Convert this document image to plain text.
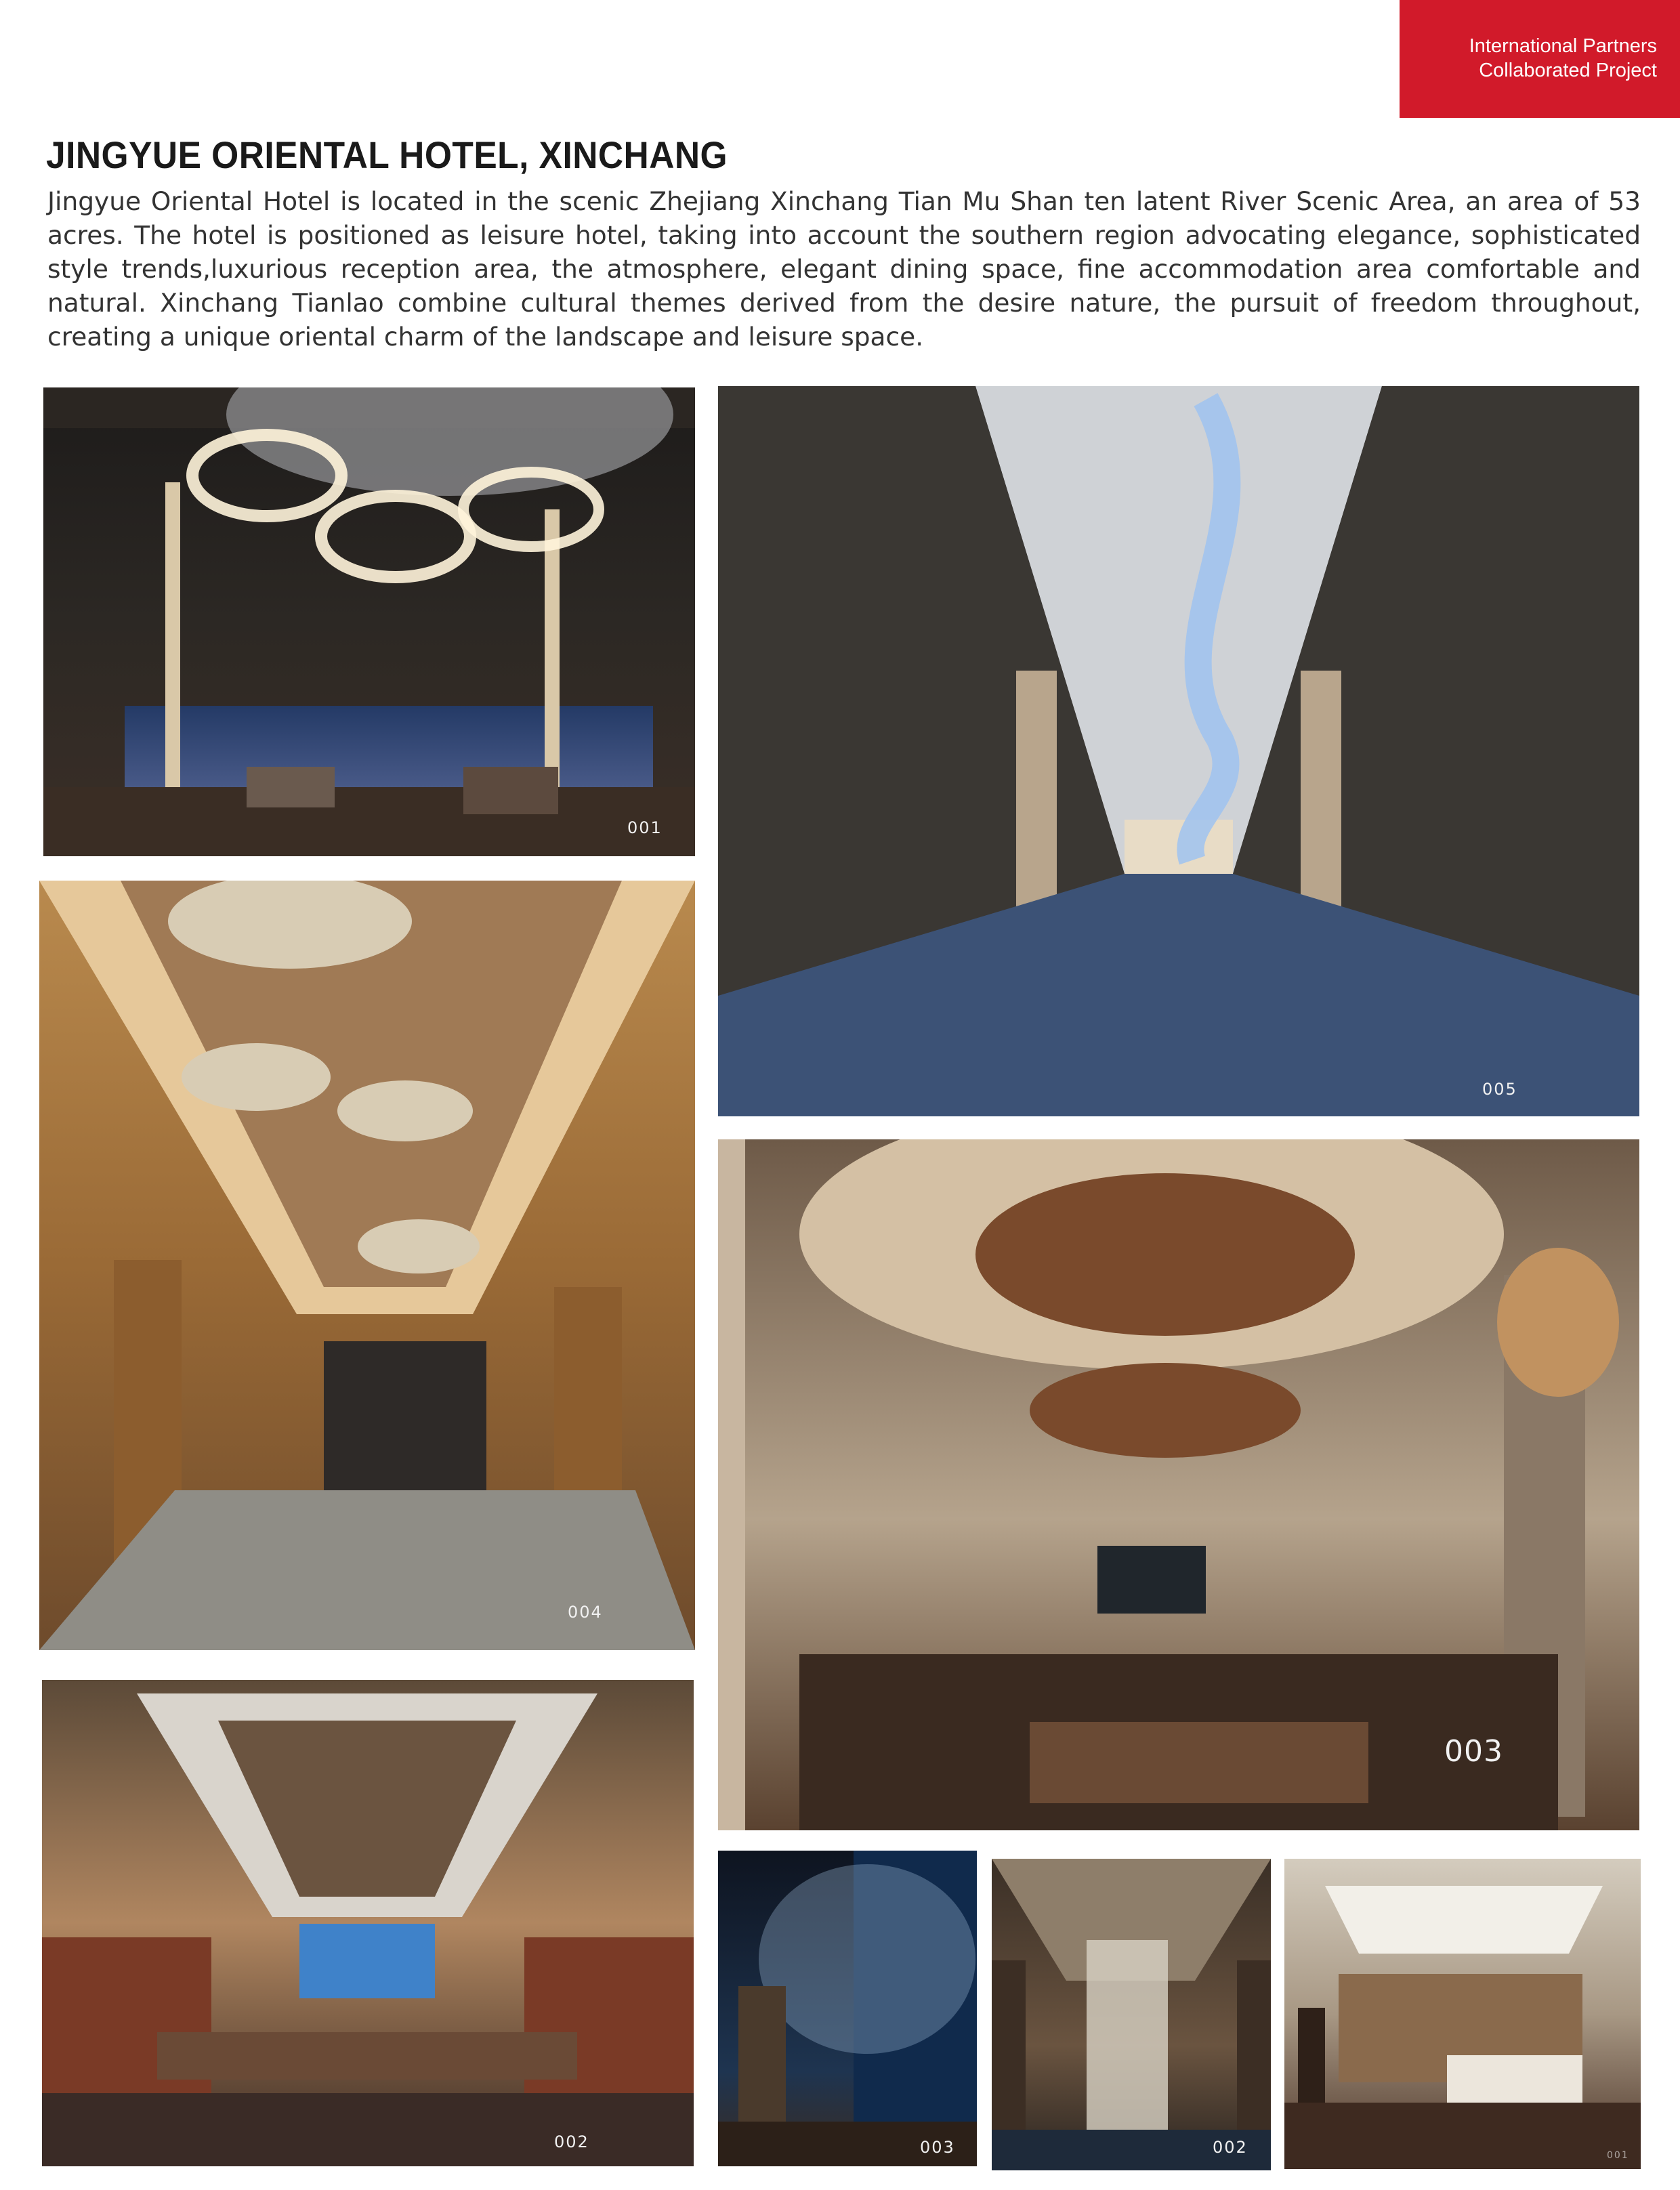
International Partners
Collaborated Project
JINGYUE ORIENTAL HOTEL, XINCHANG

Jingyue Oriental Hotel is located in the scenic Zhejiang Xinchang Tian Mu Shan ten latent River Scenic Area, an area of 53 acres. The hotel is positioned as leisure hotel, taking into account the southern region advocating elegance, sophisticated style trends,luxurious reception area, the atmosphere, elegant dining space, fine accommodation area comfortable and natural. Xinchang Tianlao combine cultural themes derived from the desire nature, the pursuit of freedom throughout, creating a unique oriental charm of the landscape and leisure space.

001
005
004
003
002	003	002	001
